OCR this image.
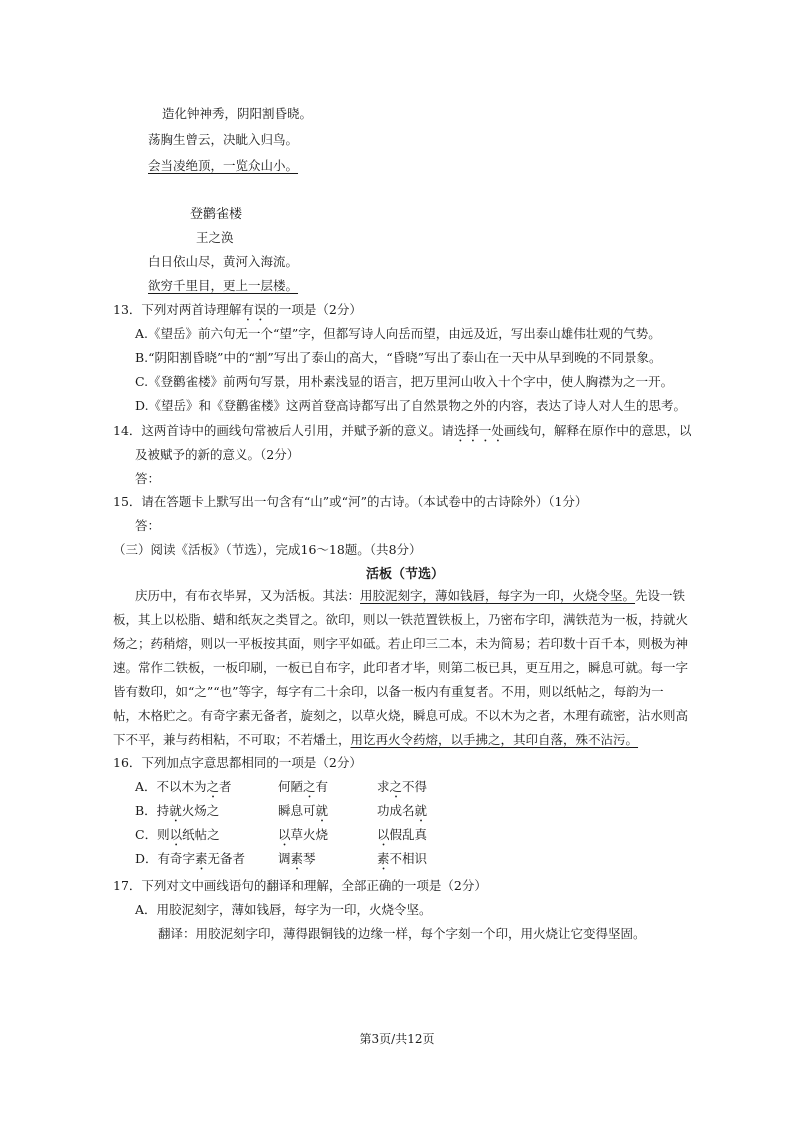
造化钟神秀，阴阳割昏晓。
荡胸生曾云，决眦入归鸟。
会当凌绝顶，一览众山小。
登鹳雀楼
王之涣
白日依山尽，黄河入海流。
欲穷千里目，更上一层楼。
13．下列对两首诗理解有误的一项是（2分）
A.《望岳》前六句无一个“望”字，但都写诗人向岳而望，由远及近，写出泰山雄伟壮观的气势。
B.“阴阳割昏晓”中的“割”写出了泰山的高大，“昏晓”写出了泰山在一天中从早到晚的不同景象。
C.《登鹳雀楼》前两句写景，用朴素浅显的语言，把万里河山收入十个字中，使人胸襟为之一开。
D.《望岳》和《登鹳雀楼》这两首登高诗都写出了自然景物之外的内容，表达了诗人对人生的思考。
14．这两首诗中的画线句常被后人引用，并赋予新的意义。请选择一处画线句，解释在原作中的意思，以
及被赋予的新的意义。（2分）
答：
15．请在答题卡上默写出一句含有“山”或“河”的古诗。（本试卷中的古诗除外）（1分）
答：
（三）阅读《活板》（节选），完成16～18题。（共8分）
活板（节选）
庆历中，有布衣毕昇，又为活板。其法：用胶泥刻字，薄如钱唇，每字为一印，火烧令坚。先设一铁
板，其上以松脂、蜡和纸灰之类冒之。欲印，则以一铁范置铁板上，乃密布字印，满铁范为一板，持就火
炀之；药稍熔，则以一平板按其面，则字平如砥。若止印三二本，未为简易；若印数十百千本，则极为神
速。常作二铁板，一板印刷，一板已自布字，此印者才毕，则第二板已具，更互用之，瞬息可就。每一字
皆有数印，如“之”“也”等字，每字有二十余印，以备一板内有重复者。不用，则以纸帖之，每韵为一
帖，木格贮之。有奇字素无备者，旋刻之，以草火烧，瞬息可成。不以木为之者，木理有疏密，沾水则高
下不平，兼与药相粘，不可取；不若燔土，用讫再火令药熔，以手拂之，其印自落，殊不沾污。
16．下列加点字意思都相同的一项是（2分）
A．不以木为之者	何陋之有	求之不得
B．持就火炀之	瞬息可就	功成名就
C．则以纸帖之	以草火烧	以假乱真
D．有奇字素无备者	调素琴	素不相识
17．下列对文中画线语句的翻译和理解，全部正确的一项是（2分）
A．用胶泥刻字，薄如钱唇，每字为一印，火烧令坚。
翻译：用胶泥刻字印，薄得跟铜钱的边缘一样，每个字刻一个印，用火烧让它变得坚固。
第3页/共12页
